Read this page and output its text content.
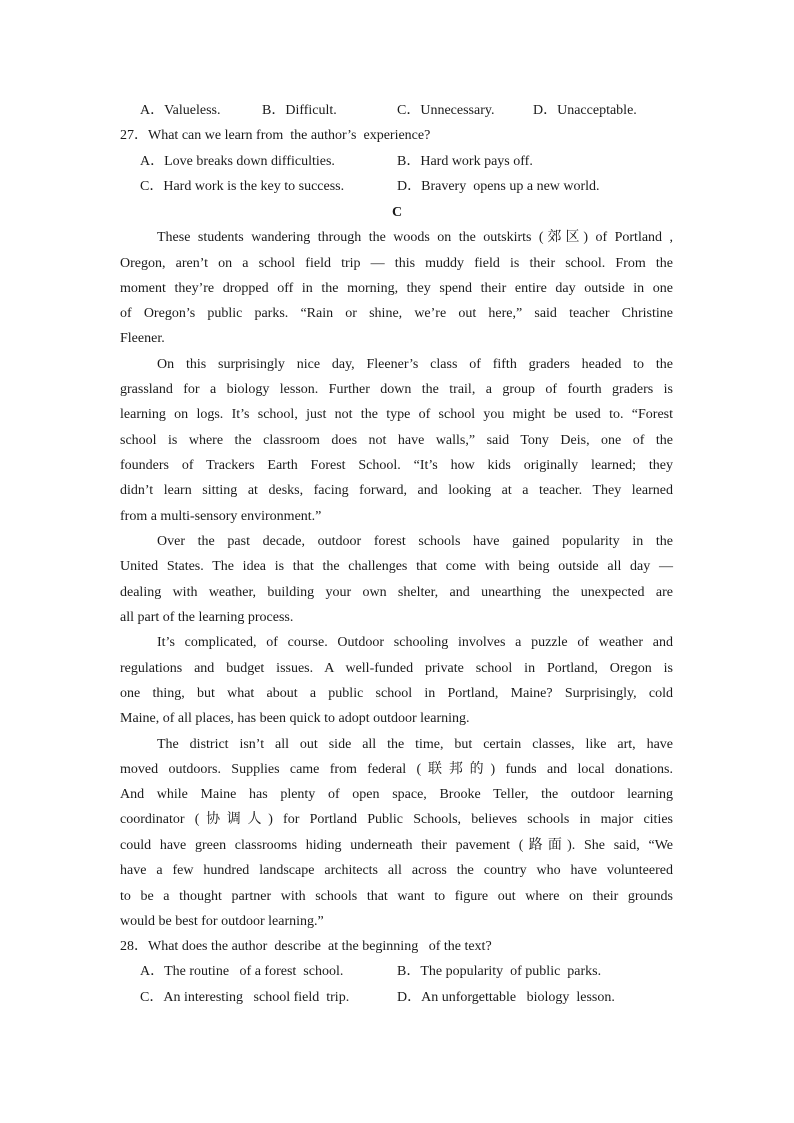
A．Valueless.	B．Difficult.	C．Unnecessary.	D．Unacceptable.
27．What can we learn from  the author’s  experience?
A．Love breaks down difficulties.	B．Hard work pays off.
C．Hard work is the key to success.	D．Bravery  opens up a new world.
C
These students wandering through the woods on the outskirts (郊区) of Portland ,
Oregon, aren’t on a school field trip — this muddy field is their school. From the
moment they’re dropped off in the morning, they spend their entire day outside in one
of Oregon’s public parks. “Rain or shine, we’re out here,” said teacher Christine
Fleener.
On this surprisingly nice day, Fleener’s class of fifth graders headed to the
grassland for a biology lesson. Further down the trail, a group of fourth graders is
learning on logs. It’s school, just not the type of school you might be used to. “Forest
school is where the classroom does not have walls,” said Tony Deis, one of the
founders of Trackers Earth Forest School. “It’s how kids originally learned; they
didn’t learn sitting at desks, facing forward, and looking at a teacher. They learned
from a multi-sensory environment.”
Over the past decade, outdoor forest schools have gained popularity in the
United States. The idea is that the challenges that come with being outside all day —
dealing with weather, building your own shelter, and unearthing the unexpected are
all part of the learning process.
It’s complicated, of course. Outdoor schooling involves a puzzle of weather and
regulations and budget issues. A well-funded private school in Portland, Oregon is
one thing, but what about a public school in Portland, Maine? Surprisingly, cold
Maine, of all places, has been quick to adopt outdoor learning.
The district isn’t all out side all the time, but certain classes, like art, have
moved outdoors. Supplies came from federal (联邦的) funds and local donations.
And while Maine has plenty of open space, Brooke Teller, the outdoor learning
coordinator (协调人) for Portland Public Schools, believes schools in major cities
could have green classrooms hiding underneath their pavement (路面). She said, “We
have a few hundred landscape architects all across the country who have volunteered
to be a thought partner with schools that want to figure out where on their grounds
would be best for outdoor learning.”
28．What does the author  describe  at the beginning   of the text?
A．The routine   of a forest  school.	B．The popularity  of public  parks.
C．An interesting   school field  trip.	D．An unforgettable   biology  lesson.
